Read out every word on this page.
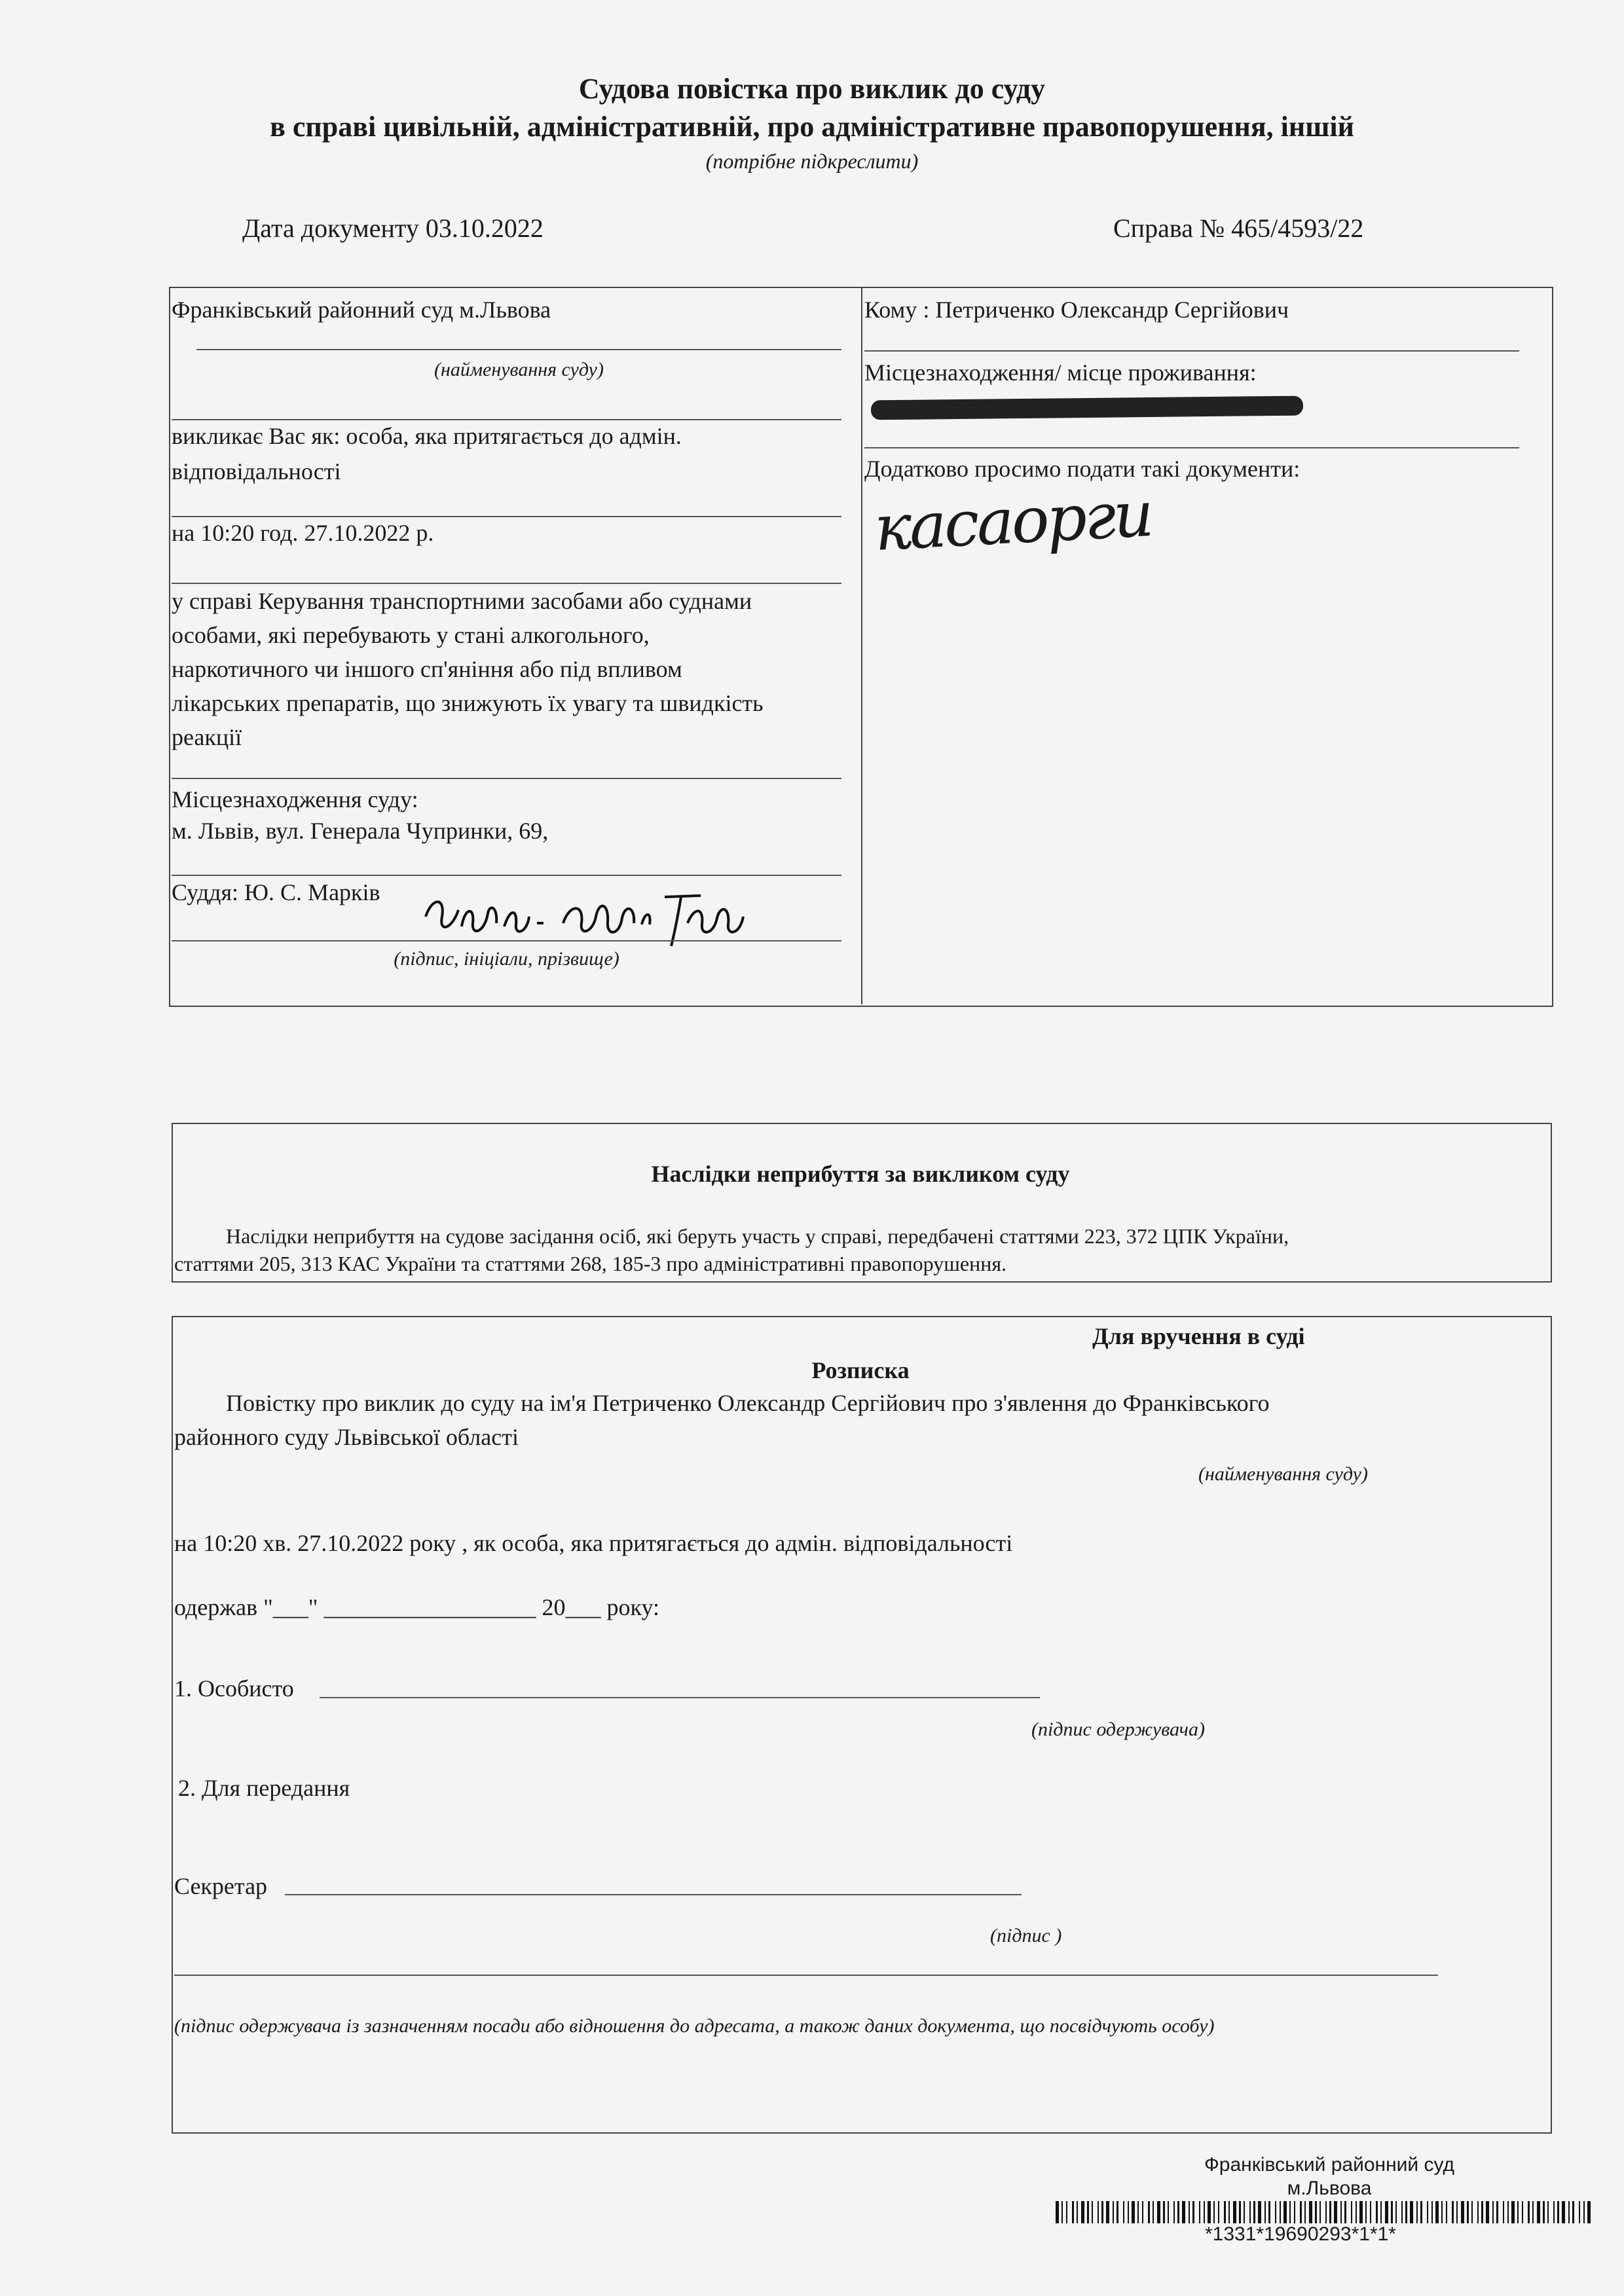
Судова повістка про виклик до суду
в справі цивільній, адміністративній, про адміністративне правопорушення, іншій
(потрібне підкреслити)
Дата документу 03.10.2022	Справа № 465/4593/22
Франківський районний суд м.Львова
(найменування суду)
викликає Вас як: особа, яка притягається до адмін.
відповідальності
на 10:20 год. 27.10.2022 р.
у справі Керування транспортними засобами або суднами
особами, які перебувають у стані алкогольного,
наркотичного чи іншого сп'яніння або під впливом
лікарських препаратів, що знижують їх увагу та швидкість
реакції
Місцезнаходження суду:
м. Львів, вул. Генерала Чупринки, 69,
Суддя: Ю. С. Марків
(підпис, ініціали, прізвище)
Кому : Петриченко Олександр Сергійович
Місцезнаходження/ місце проживання:
Додатково просимо подати такі документи:
касаорги
Наслідки неприбуття за викликом суду
Наслідки неприбуття на судове засідання осіб, які беруть участь у справі, передбачені статтями 223, 372 ЦПК України,
статтями 205, 313 КАС України та статтями 268, 185-3 про адміністративні правопорушення.
Для вручення в суді
Розписка
Повістку про виклик до суду на ім'я Петриченко Олександр Сергійович про з'явлення до Франківського
районного суду Львівської області
(найменування суду)
на 10:20 хв. 27.10.2022 року , як особа, яка притягається до адмін. відповідальності
одержав "___" __________________ 20___ року:
1. Особисто
(підпис одержувача)
2. Для передання
Секретар
(підпис )
(підпис одержувача із зазначенням посади або відношення до адресата, а також даних документа, що посвідчують особу)
Франківський районний суд
м.Львова
*1331*19690293*1*1*
